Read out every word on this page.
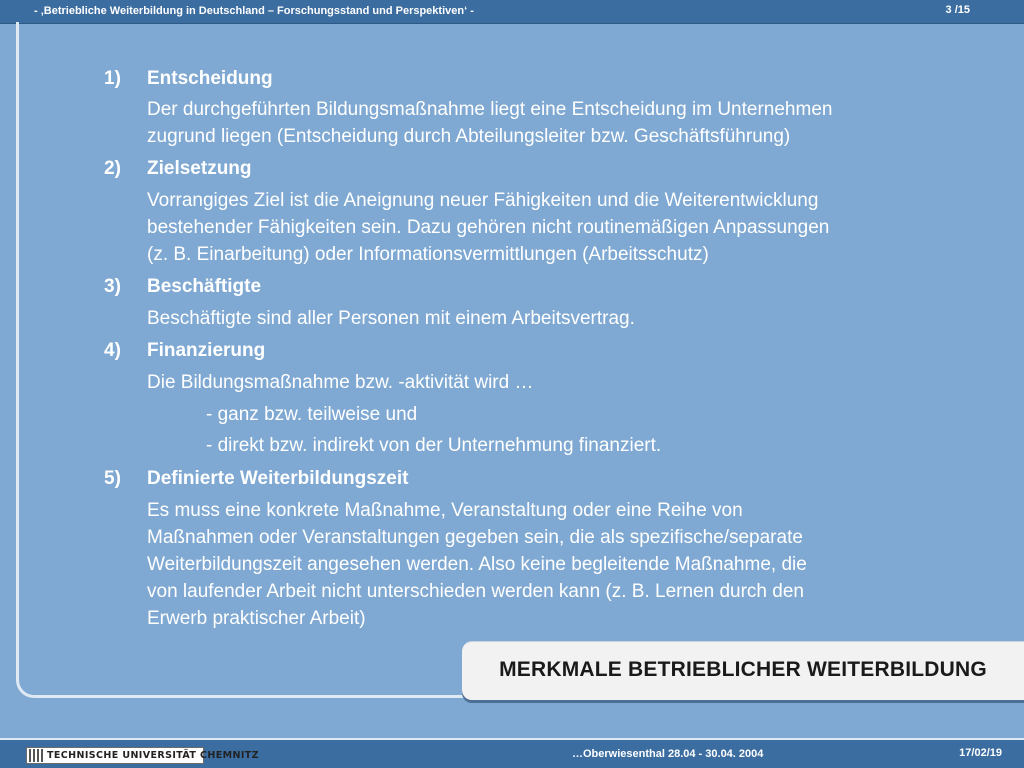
- ‚Betriebliche Weiterbildung in Deutschland – Forschungsstand und Perspektiven‘ -	3 /15
1) Entscheidung
Der durchgeführten Bildungsmaßnahme liegt eine Entscheidung im Unternehmen
zugrund liegen (Entscheidung durch Abteilungsleiter bzw. Geschäftsführung)
2) Zielsetzung
Vorrangiges Ziel ist die Aneignung neuer Fähigkeiten und die Weiterentwicklung
bestehender Fähigkeiten sein. Dazu gehören nicht routinemäßigen Anpassungen
(z. B. Einarbeitung) oder Informationsvermittlungen (Arbeitsschutz)
3) Beschäftigte
Beschäftigte sind aller Personen mit einem Arbeitsvertrag.
4) Finanzierung
Die Bildungsmaßnahme bzw. -aktivität wird …
- ganz bzw. teilweise und
- direkt bzw. indirekt von der Unternehmung finanziert.
5) Definierte Weiterbildungszeit
Es muss eine konkrete Maßnahme, Veranstaltung oder eine Reihe von
Maßnahmen oder Veranstaltungen gegeben sein, die als spezifische/separate
Weiterbildungszeit angesehen werden. Also keine begleitende Maßnahme, die
von laufender Arbeit nicht unterschieden werden kann (z. B. Lernen durch den
Erwerb praktischer Arbeit)
MERKMALE BETRIEBLICHER WEITERBILDUNG
TECHNISCHE UNIVERSITÄT CHEMNITZ	…Oberwiesenthal 28.04 - 30.04. 2004	17/02/19
